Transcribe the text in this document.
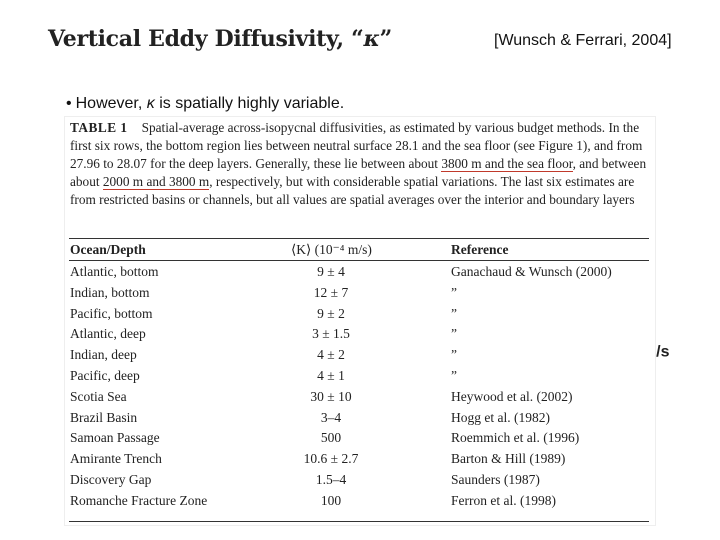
Vertical Eddy Diffusivity, “κ”	[Wunsch & Ferrari, 2004]
• However, κ is spatially highly variable.
/s
TABLE 1 Spatial-average across-isopycnal diffusivities, as estimated by various budget methods. In the first six rows, the bottom region lies between neutral surface 28.1 and the sea floor (see Figure 1), and from 27.96 to 28.07 for the deep layers. Generally, these lie between about 3800 m and the sea floor, and between about 2000 m and 3800 m, respectively, but with considerable spatial variations. The last six estimates are from restricted basins or channels, but all values are spatial averages over the interior and boundary layers
Ocean/Depth	⟨K⟩ (10⁻⁴ m/s)	Reference
Atlantic, bottom	9 ± 4	Ganachaud & Wunsch (2000)
Indian, bottom	12 ± 7	”
Pacific, bottom	9 ± 2	”
Atlantic, deep	3 ± 1.5	”
Indian, deep	4 ± 2	”
Pacific, deep	4 ± 1	”
Scotia Sea	30 ± 10	Heywood et al. (2002)
Brazil Basin	3–4	Hogg et al. (1982)
Samoan Passage	500	Roemmich et al. (1996)
Amirante Trench	10.6 ± 2.7	Barton & Hill (1989)
Discovery Gap	1.5–4	Saunders (1987)
Romanche Fracture Zone	100	Ferron et al. (1998)
